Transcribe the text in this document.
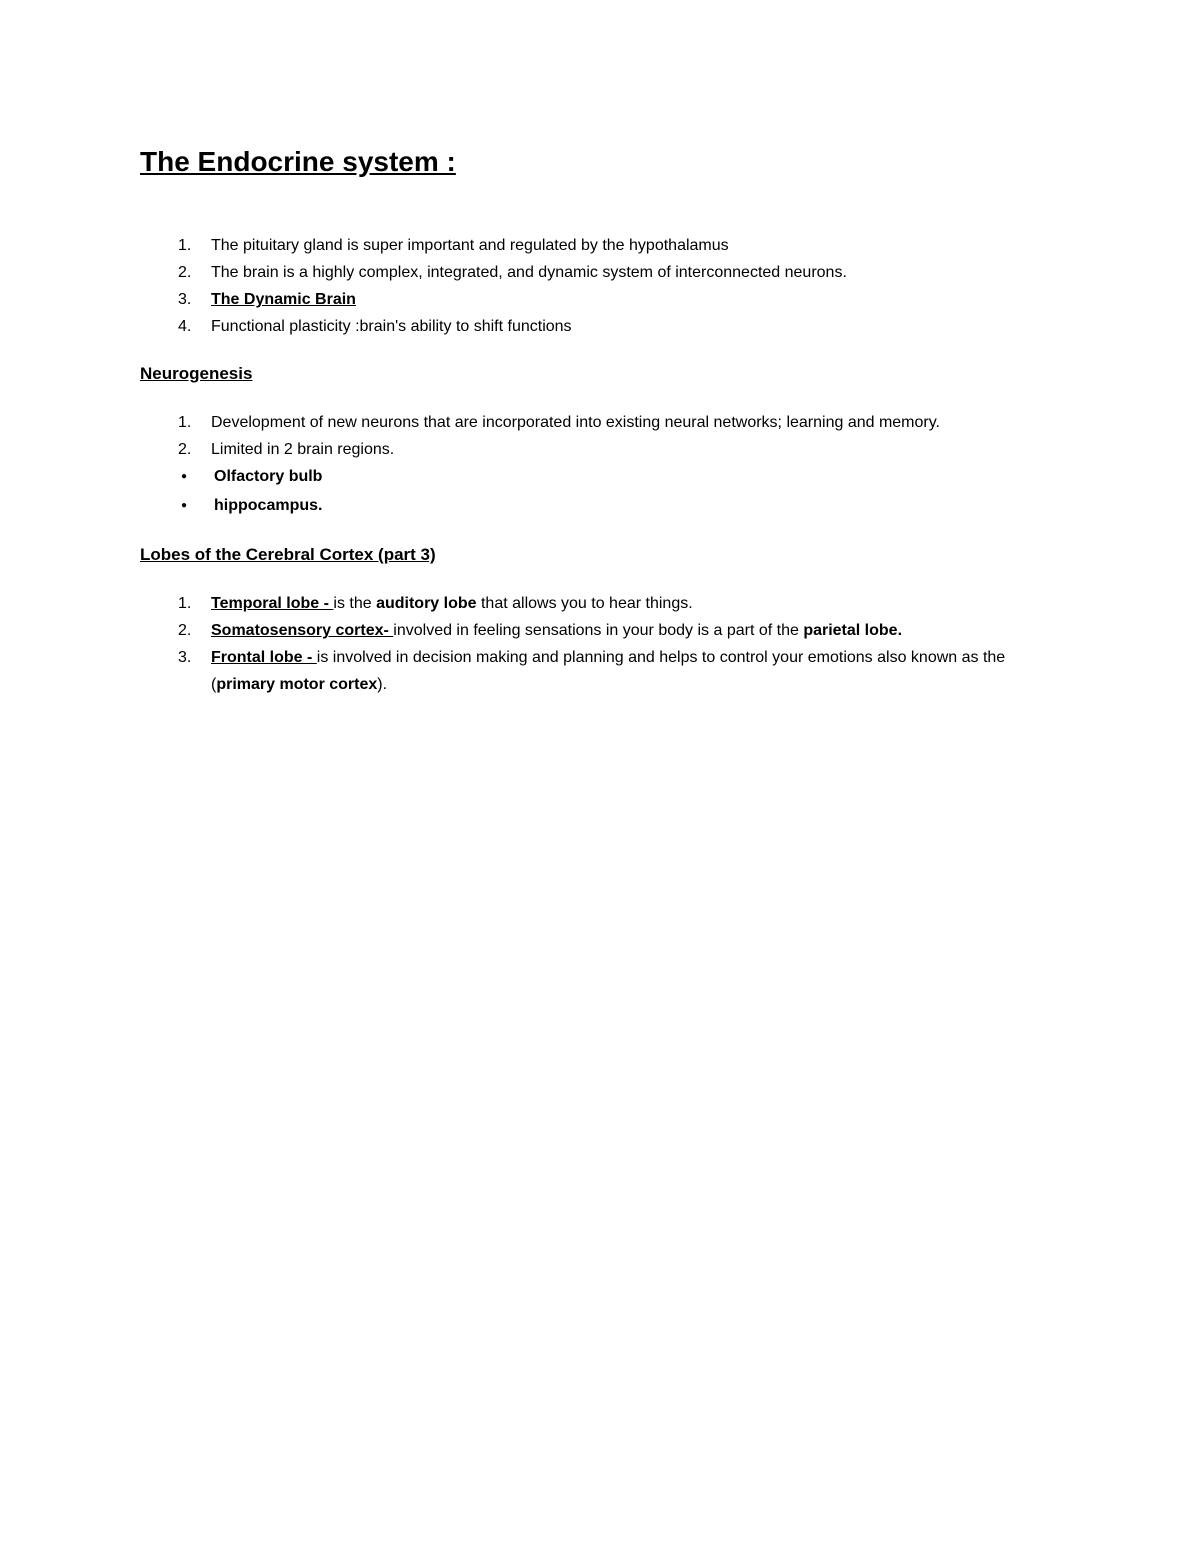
The Endocrine system :
1.	The pituitary gland is super important and regulated by the hypothalamus
2.	The brain is a highly complex, integrated, and dynamic system of interconnected neurons.
3.	The Dynamic Brain
4.	Functional plasticity :brain's ability to shift functions
Neurogenesis
1.	Development of new neurons that are incorporated into existing neural networks; learning and memory.
2.	Limited in 2 brain regions.
●	Olfactory bulb
●	hippocampus.
Lobes of the Cerebral Cortex (part 3)
1.	Temporal lobe - is the auditory lobe that allows you to hear things.
2.	Somatosensory cortex- involved in feeling sensations in your body is a part of the parietal lobe.
3.	Frontal lobe - is involved in decision making and planning and helps to control your emotions also known as the (primary motor cortex).
